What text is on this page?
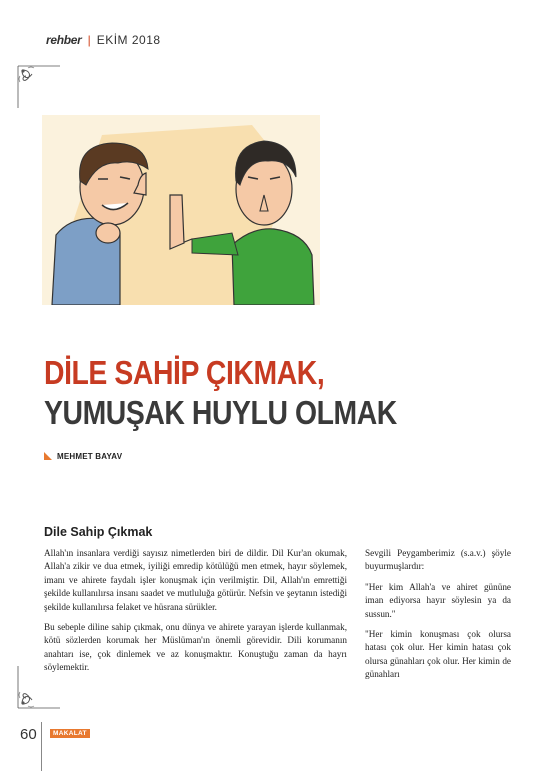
rehber | EKİM 2018
DİLE SAHİP ÇIKMAK,
YUMUŞAK HUYLU OLMAK
MEHMET BAYAV
Dile Sahip Çıkmak

Allah'ın insanlara verdiği sayısız nimetlerden biri de dildir. Dil Kur'an okumak, Allah'a zikir ve dua etmek, iyiliği emredip kötülüğü men etmek, hayır söylemek, imanı ve ahirete faydalı işler konuşmak için verilmiştir. Dil, Allah'ın emrettiği şekilde kullanılırsa insanı saadet ve mutluluğa götürür. Nefsin ve şeytanın istediği şekilde kullanılırsa felaket ve hüsrana sürükler.

Bu sebeple diline sahip çıkmak, onu dünya ve ahirete yarayan işlerde kullanmak, kötü sözlerden korumak her Müslüman'ın önemli görevidir. Dili korumanın anahtarı ise, çok dinlemek ve az konuşmaktır. Konuştuğu zaman da hayrı söylemektir.

Sevgili Peygamberimiz (s.a.v.) şöyle buyurmuşlardır:

"Her kim Allah'a ve ahiret gününe iman ediyorsa hayır söylesin ya da sussun."

"Her kimin konuşması çok olursa hatası çok olur. Her kimin hatası çok olursa günahları çok olur. Her kimin de günahları

60	MAKALAT
